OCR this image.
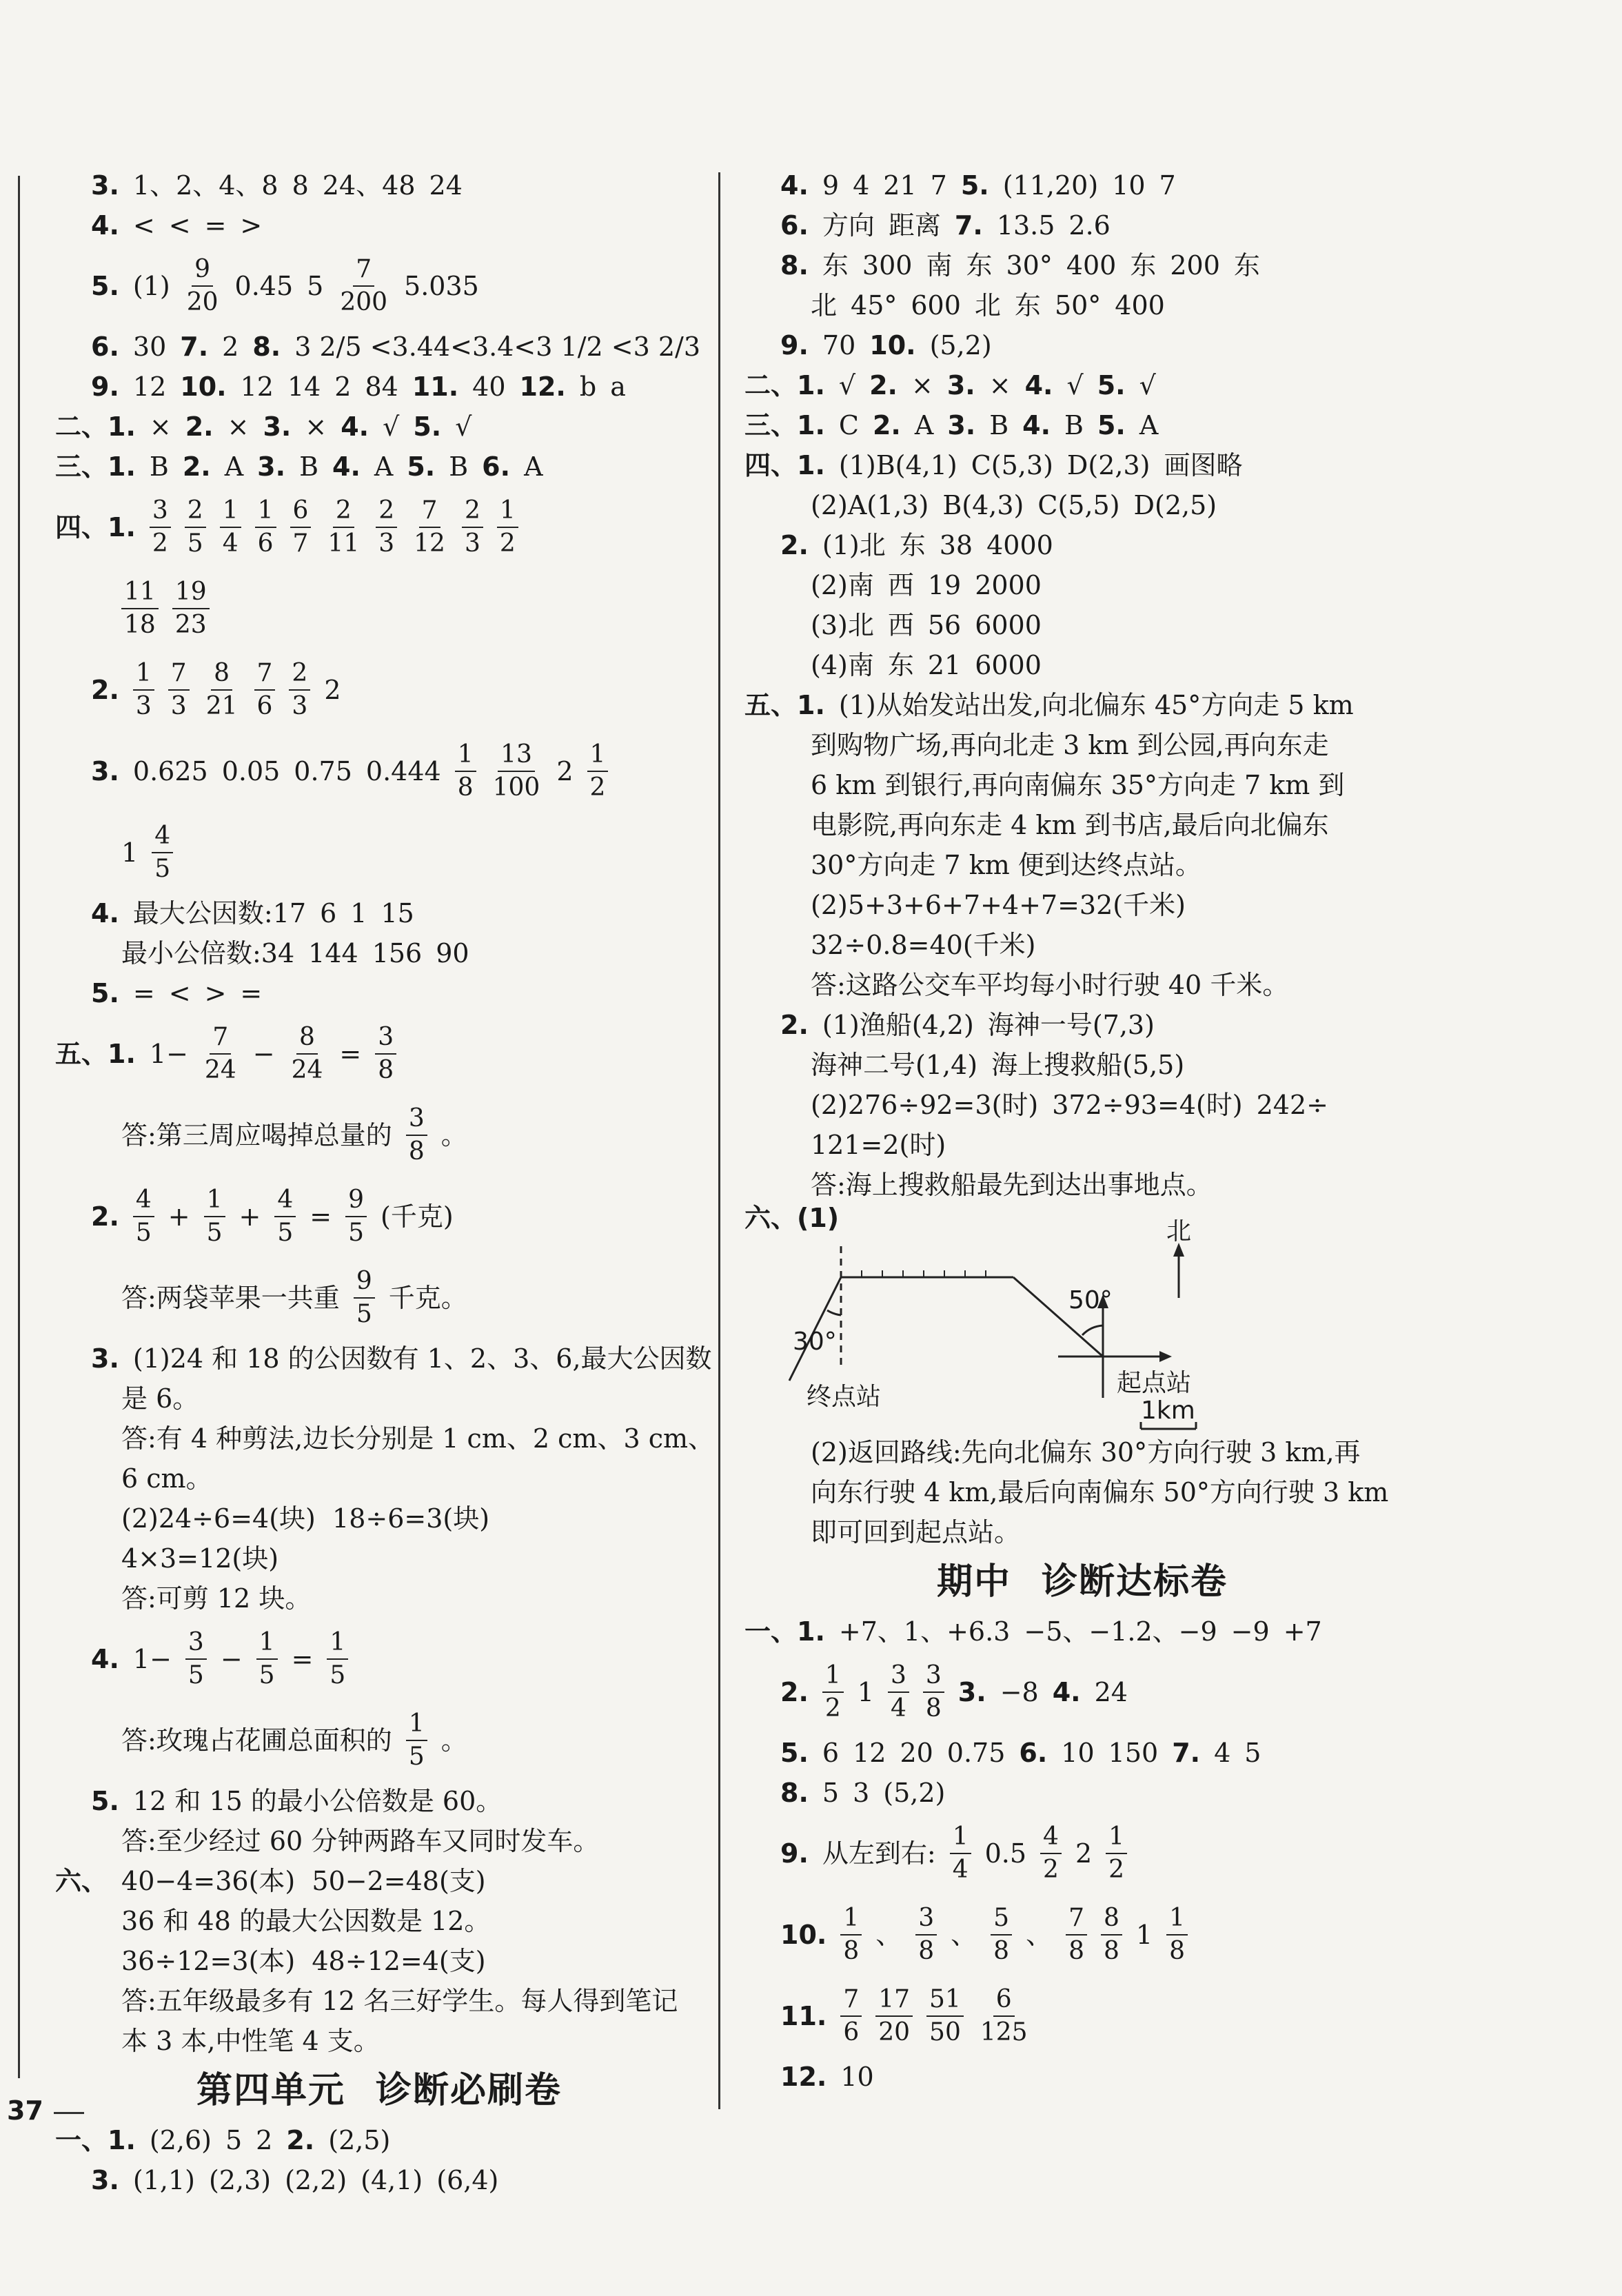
3. 1、2、4、8 8 24、48 24
4. < < = >
5. $(1) \frac{9}{20} 0.45$ $5 \frac{7}{200} 5.035$
6. 30 7. 2 8. 3 2/5 <3.44<3.4̇<3 1/2 <3 2/3
9. 12 10. 12 14 2 84 11. 40 12. b a
二、1. × 2. × 3. × 4. √ 5. √
三、1. B 2. A 3. B 4. A 5. B 6. A
四、1. $\frac{3}{2} \frac{2}{5} \frac{1}{4} \frac{1}{6} \frac{6}{7} \frac{2}{11} \frac{2}{3} \frac{7}{12} \frac{2}{3} \frac{1}{2}$
$\frac{11}{18} \frac{19}{23}$
2. $\frac{1}{3} \frac{7}{3} \frac{8}{21} \frac{7}{6} \frac{2}{3} 2$
3. 0.625 0.05 0.75 $0.444 \frac{1}{8} \frac{13}{100} 2 \frac{1}{2}$
$1 \frac{4}{5}$
4. 最大公因数:17 6 1 15
最小公倍数:34 144 156 90
5. = < > =
五、1. $1- \frac{7}{24} - \frac{8}{24} = \frac{3}{8}$
答:第三周应喝掉总量的 $\frac{3}{8}$ 。
2. $\frac{4}{5} + \frac{1}{5} + \frac{4}{5} = \frac{9}{5}$ (千克)
答:两袋苹果一共重 $\frac{9}{5}$ 千克。
3. (1)24 和 18 的公因数有 1、2、3、6,最大公因数
是 6。
答:有 4 种剪法,边长分别是 1 cm、2 cm、3 cm、
6 cm。
(2)24÷6=4(块)  18÷6=3(块)
4×3=12(块)
答:可剪 12 块。
4. $1- \frac{3}{5} - \frac{1}{5} = \frac{1}{5}$
答:玫瑰占花圃总面积的 $\frac{1}{5}$ 。
5. 12 和 15 的最小公倍数是 60。
答:至少经过 60 分钟两路车又同时发车。
六、 40−4=36(本)  50−2=48(支)
36 和 48 的最大公因数是 12。
36÷12=3(本)  48÷12=4(支)
答:五年级最多有 12 名三好学生。每人得到笔记
本 3 本,中性笔 4 支。
第四单元 诊断必刷卷
一、1. (2,6) 5 2 2. (2,5)
3. (1,1) (2,3) (2,2) (4,1) (6,4)
4. 9 4 21 7 5. (11,20) 10 7
6. 方向 距离 7. 13.5 2.6
8. 东 300 南 东 30° 400 东 200 东
北 45° 600 北 东 50° 400
9. 70 10. (5,2)
二、1. √ 2. × 3. × 4. √ 5. √
三、1. C 2. A 3. B 4. B 5. A
四、1. (1)B(4,1) C(5,3) D(2,3) 画图略
(2)A(1,3) B(4,3) C(5,5) D(2,5)
2. (1)北 东 38 4000
(2)南 西 19 2000
(3)北 西 56 6000
(4)南 东 21 6000
五、1. (1)从始发站出发,向北偏东 45°方向走 5 km
到购物广场,再向北走 3 km 到公园,再向东走
6 km 到银行,再向南偏东 35°方向走 7 km 到
电影院,再向东走 4 km 到书店,最后向北偏东
30°方向走 7 km 便到达终点站。
(2)5+3+6+7+4+7=32(千米)
32÷0.8=40(千米)
答:这路公交车平均每小时行驶 40 千米。
2. (1)渔船(4,2) 海神一号(7,3)
海神二号(1,4) 海上搜救船(5,5)
(2)276÷92=3(时) 372÷93=4(时) 242÷
121=2(时)
答:海上搜救船最先到达出事地点。
六、(1)
(2)返回路线:先向北偏东 30°方向行驶 3 km,再
向东行驶 4 km,最后向南偏东 50°方向行驶 3 km
即可回到起点站。
期中 诊断达标卷
一、1. +7、1、+6.3 −5、−1.2、−9 −9 +7
2. $\frac{1}{2} 1 \frac{3}{4} \frac{3}{8} 3$. −8 4. 24
5. 6 12 20 0.75 6. 10 150 7. 4 5
8. 5 3 (5,2)
9. 从左到右: $\frac{1}{4} 0.5 \frac{4}{2} 2 \frac{1}{2}$
10. $\frac{1}{8}$ 、 $\frac{3}{8}$ 、 $\frac{5}{8}$ 、 $\frac{7}{8} \frac{8}{8} 1 \frac{1}{8}$
11. $\frac{7}{6} \frac{17}{20} \frac{51}{50} \frac{6}{125}$
12. 10
北
30°
50°
起点站
终点站	1km
37
